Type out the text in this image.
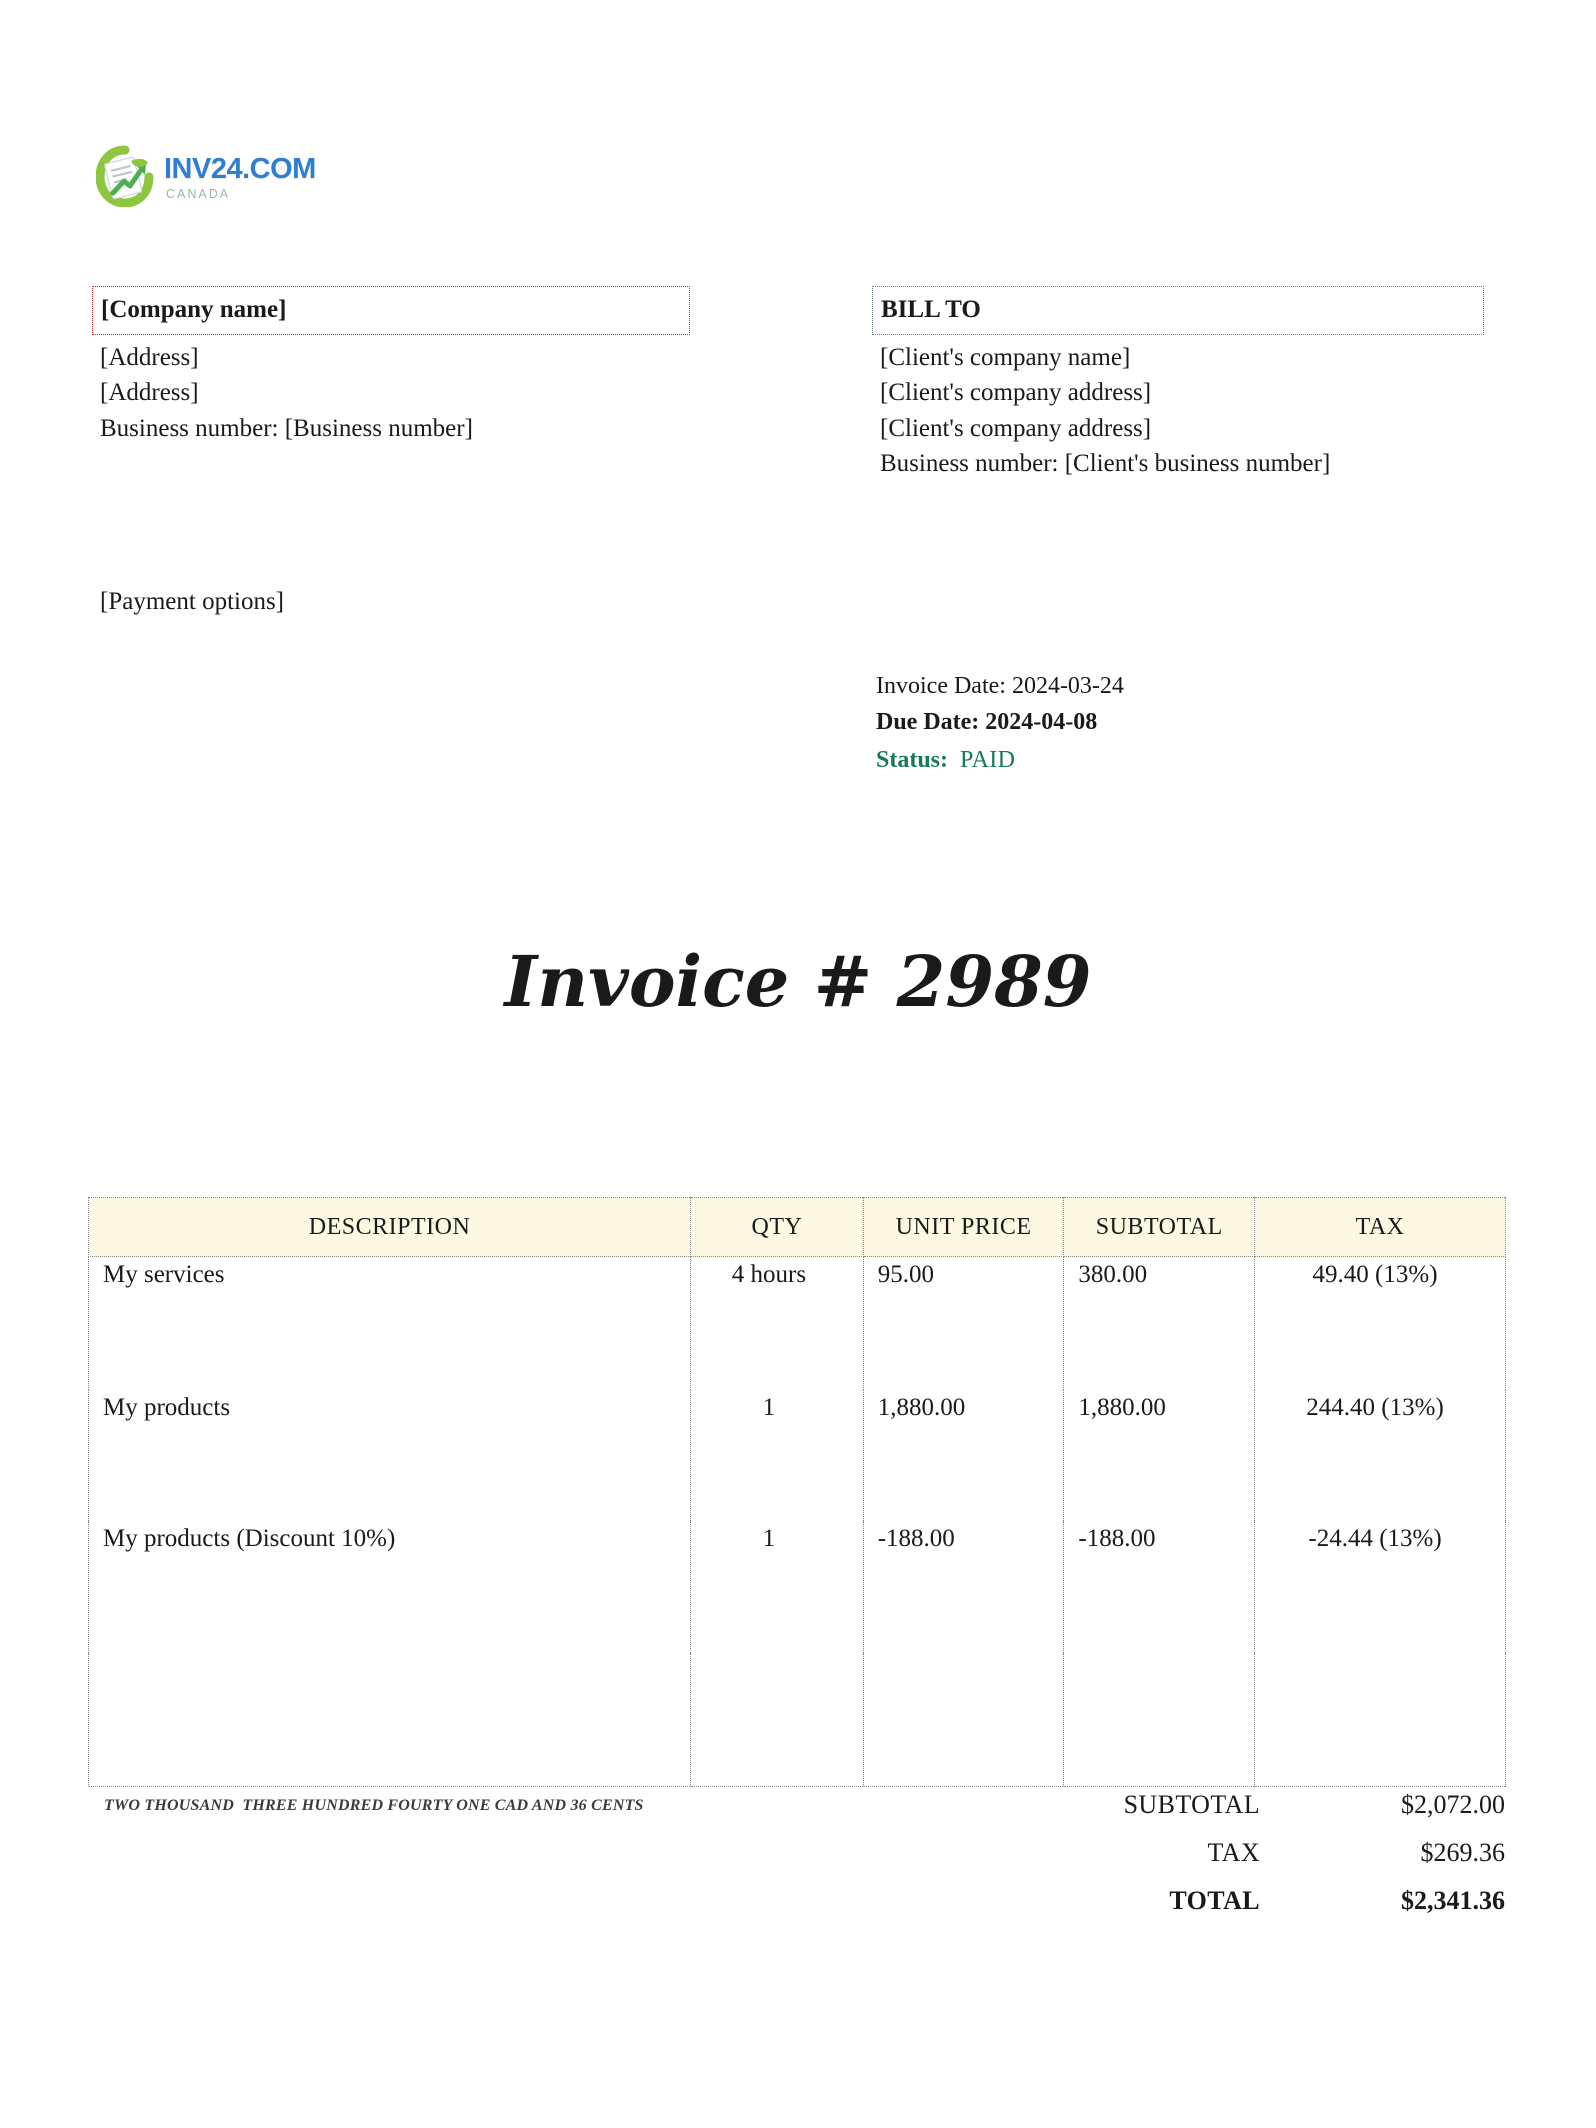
INV24.COM
CANADA
[Company name]
[Address]
[Address]
Business number: [Business number]
BILL TO
[Client's company name]
[Client's company address]
[Client's company address]
Business number: [Client's business number]
[Payment options]
Invoice Date: 2024-03-24
Due Date: 2024-04-08
Status: PAID
Invoice # 2989
DESCRIPTION	QTY	UNIT PRICE	SUBTOTAL	TAX
My services	4 hours	95.00	380.00	49.40 (13%)
My products	1	1,880.00	1,880.00	244.40 (13%)
My products (Discount 10%)	1	-188.00	-188.00	-24.44 (13%)

TWO THOUSAND  THREE HUNDRED FOURTY ONE CAD AND 36 CENTS	SUBTOTAL	$2,072.00
TAX	$269.36
TOTAL	$2,341.36
